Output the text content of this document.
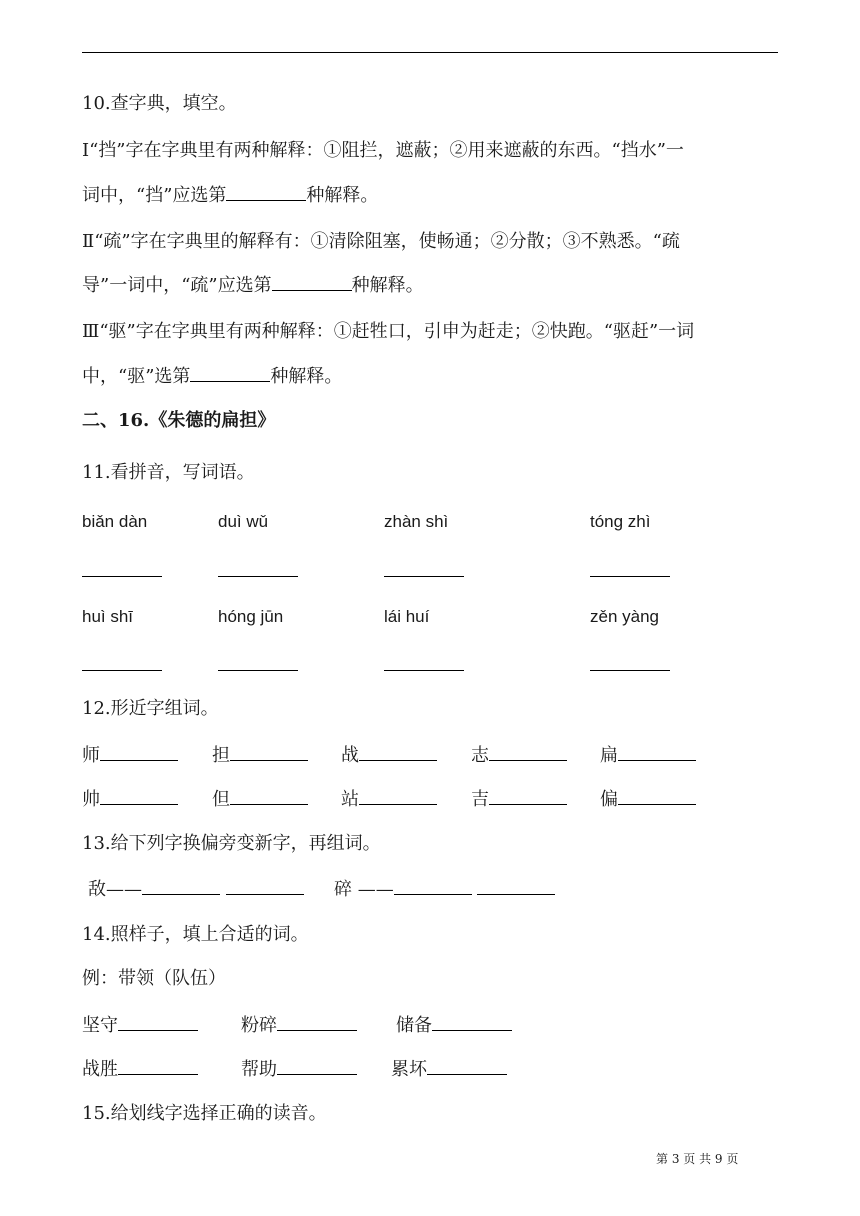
10.查字典，填空。
Ⅰ“挡”字在字典里有两种解释：①阻拦，遮蔽；②用来遮蔽的东西。“挡水”一
词中，“挡”应选第	种解释。
Ⅱ“疏”字在字典里的解释有：①清除阻塞，使畅通；②分散；③不熟悉。“疏
导”一词中，“疏”应选第	种解释。
Ⅲ“驱”字在字典里有两种解释：①赶牲口，引申为赶走；②快跑。“驱赶”一词
中，“驱”选第	种解释。
二、16.《朱德的扁担》
11.看拼音，写词语。
biǎn dàn	duì wǔ	zhàn shì	tóng zhì
huì shī	hóng jūn	lái huí	zěn yàng
12.形近字组词。
师	担	战	志	扁
帅	但	站	吉	偏
13.给下列字换偏旁变新字，再组词。
敌——	碎 ——
14.照样子，填上合适的词。
例：带领（队伍）
坚守	粉碎	储备
战胜	帮助	累坏
15.给划线字选择正确的读音。
第 3 页 共 9 页
